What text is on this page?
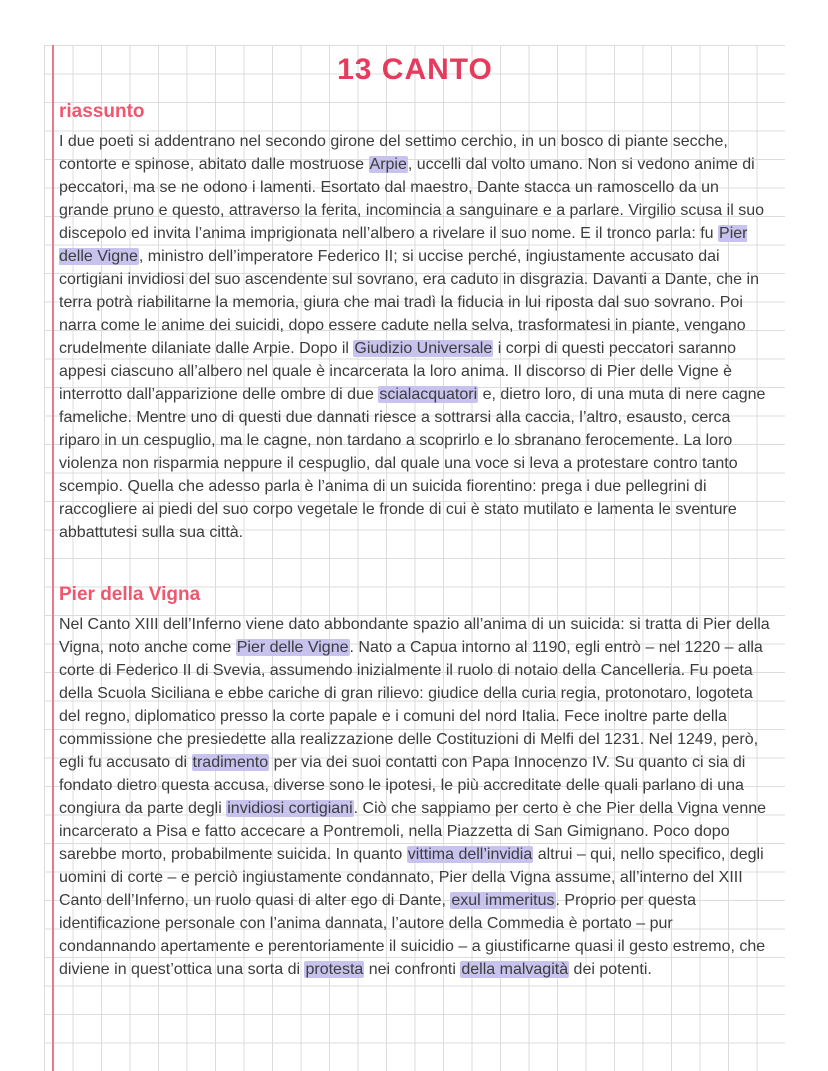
13 CANTO
riassunto

I due poeti si addentrano nel secondo girone del settimo cerchio, in un bosco di piante secche, contorte e spinose, abitato dalle mostruose Arpie, uccelli dal volto umano. Non si vedono anime di peccatori, ma se ne odono i lamenti. Esortato dal maestro, Dante stacca un ramoscello da un grande pruno e questo, attraverso la ferita, incomincia a sanguinare e a parlare. Virgilio scusa il suo discepolo ed invita l’anima imprigionata nell’albero a rivelare il suo nome. E il tronco parla: fu Pier delle Vigne, ministro dell’imperatore Federico II; si uccise perché, ingiustamente accusato dai cortigiani invidiosi del suo ascendente sul sovrano, era caduto in disgrazia. Davanti a Dante, che in terra potrà riabilitarne la memoria, giura che mai tradì la fiducia in lui riposta dal suo sovrano. Poi narra come le anime dei suicidi, dopo essere cadute nella selva, trasformatesi in piante, vengano crudelmente dilaniate dalle Arpie. Dopo il Giudizio Universale i corpi di questi peccatori saranno appesi ciascuno all’albero nel quale è incarcerata la loro anima. Il discorso di Pier delle Vigne è interrotto dall’apparizione delle ombre di due scialacquatori e, dietro loro, di una muta di nere cagne fameliche. Mentre uno di questi due dannati riesce a sottrarsi alla caccia, l’altro, esausto, cerca riparo in un cespuglio, ma le cagne, non tardano a scoprirlo e lo sbranano ferocemente. La loro violenza non risparmia neppure il cespuglio, dal quale una voce si leva a protestare contro tanto scempio. Quella che adesso parla è l’anima di un suicida fiorentino: prega i due pellegrini di raccogliere ai piedi del suo corpo vegetale le fronde di cui è stato mutilato e lamenta le sventure abbattutesi sulla sua città.

Pier della Vigna

Nel Canto XIII dell’Inferno viene dato abbondante spazio all’anima di un suicida: si tratta di Pier della Vigna, noto anche come Pier delle Vigne. Nato a Capua intorno al 1190, egli entrò – nel 1220 – alla corte di Federico II di Svevia, assumendo inizialmente il ruolo di notaio della Cancelleria. Fu poeta della Scuola Siciliana e ebbe cariche di gran rilievo: giudice della curia regia, protonotaro, logoteta del regno, diplomatico presso la corte papale e i comuni del nord Italia. Fece inoltre parte della commissione che presiedette alla realizzazione delle Costituzioni di Melfi del 1231. Nel 1249, però, egli fu accusato di tradimento per via dei suoi contatti con Papa Innocenzo IV. Su quanto ci sia di fondato dietro questa accusa, diverse sono le ipotesi, le più accreditate delle quali parlano di una congiura da parte degli invidiosi cortigiani. Ciò che sappiamo per certo è che Pier della Vigna venne incarcerato a Pisa e fatto accecare a Pontremoli, nella Piazzetta di San Gimignano. Poco dopo sarebbe morto, probabilmente suicida. In quanto vittima dell’invidia altrui – qui, nello specifico, degli uomini di corte – e perciò ingiustamente condannato, Pier della Vigna assume, all’interno del XIII Canto dell’Inferno, un ruolo quasi di alter ego di Dante, exul immeritus. Proprio per questa identificazione personale con l’anima dannata, l’autore della Commedia è portato – pur condannando apertamente e perentoriamente il suicidio – a giustificarne quasi il gesto estremo, che diviene in quest’ottica una sorta di protesta nei confronti della malvagità dei potenti.
